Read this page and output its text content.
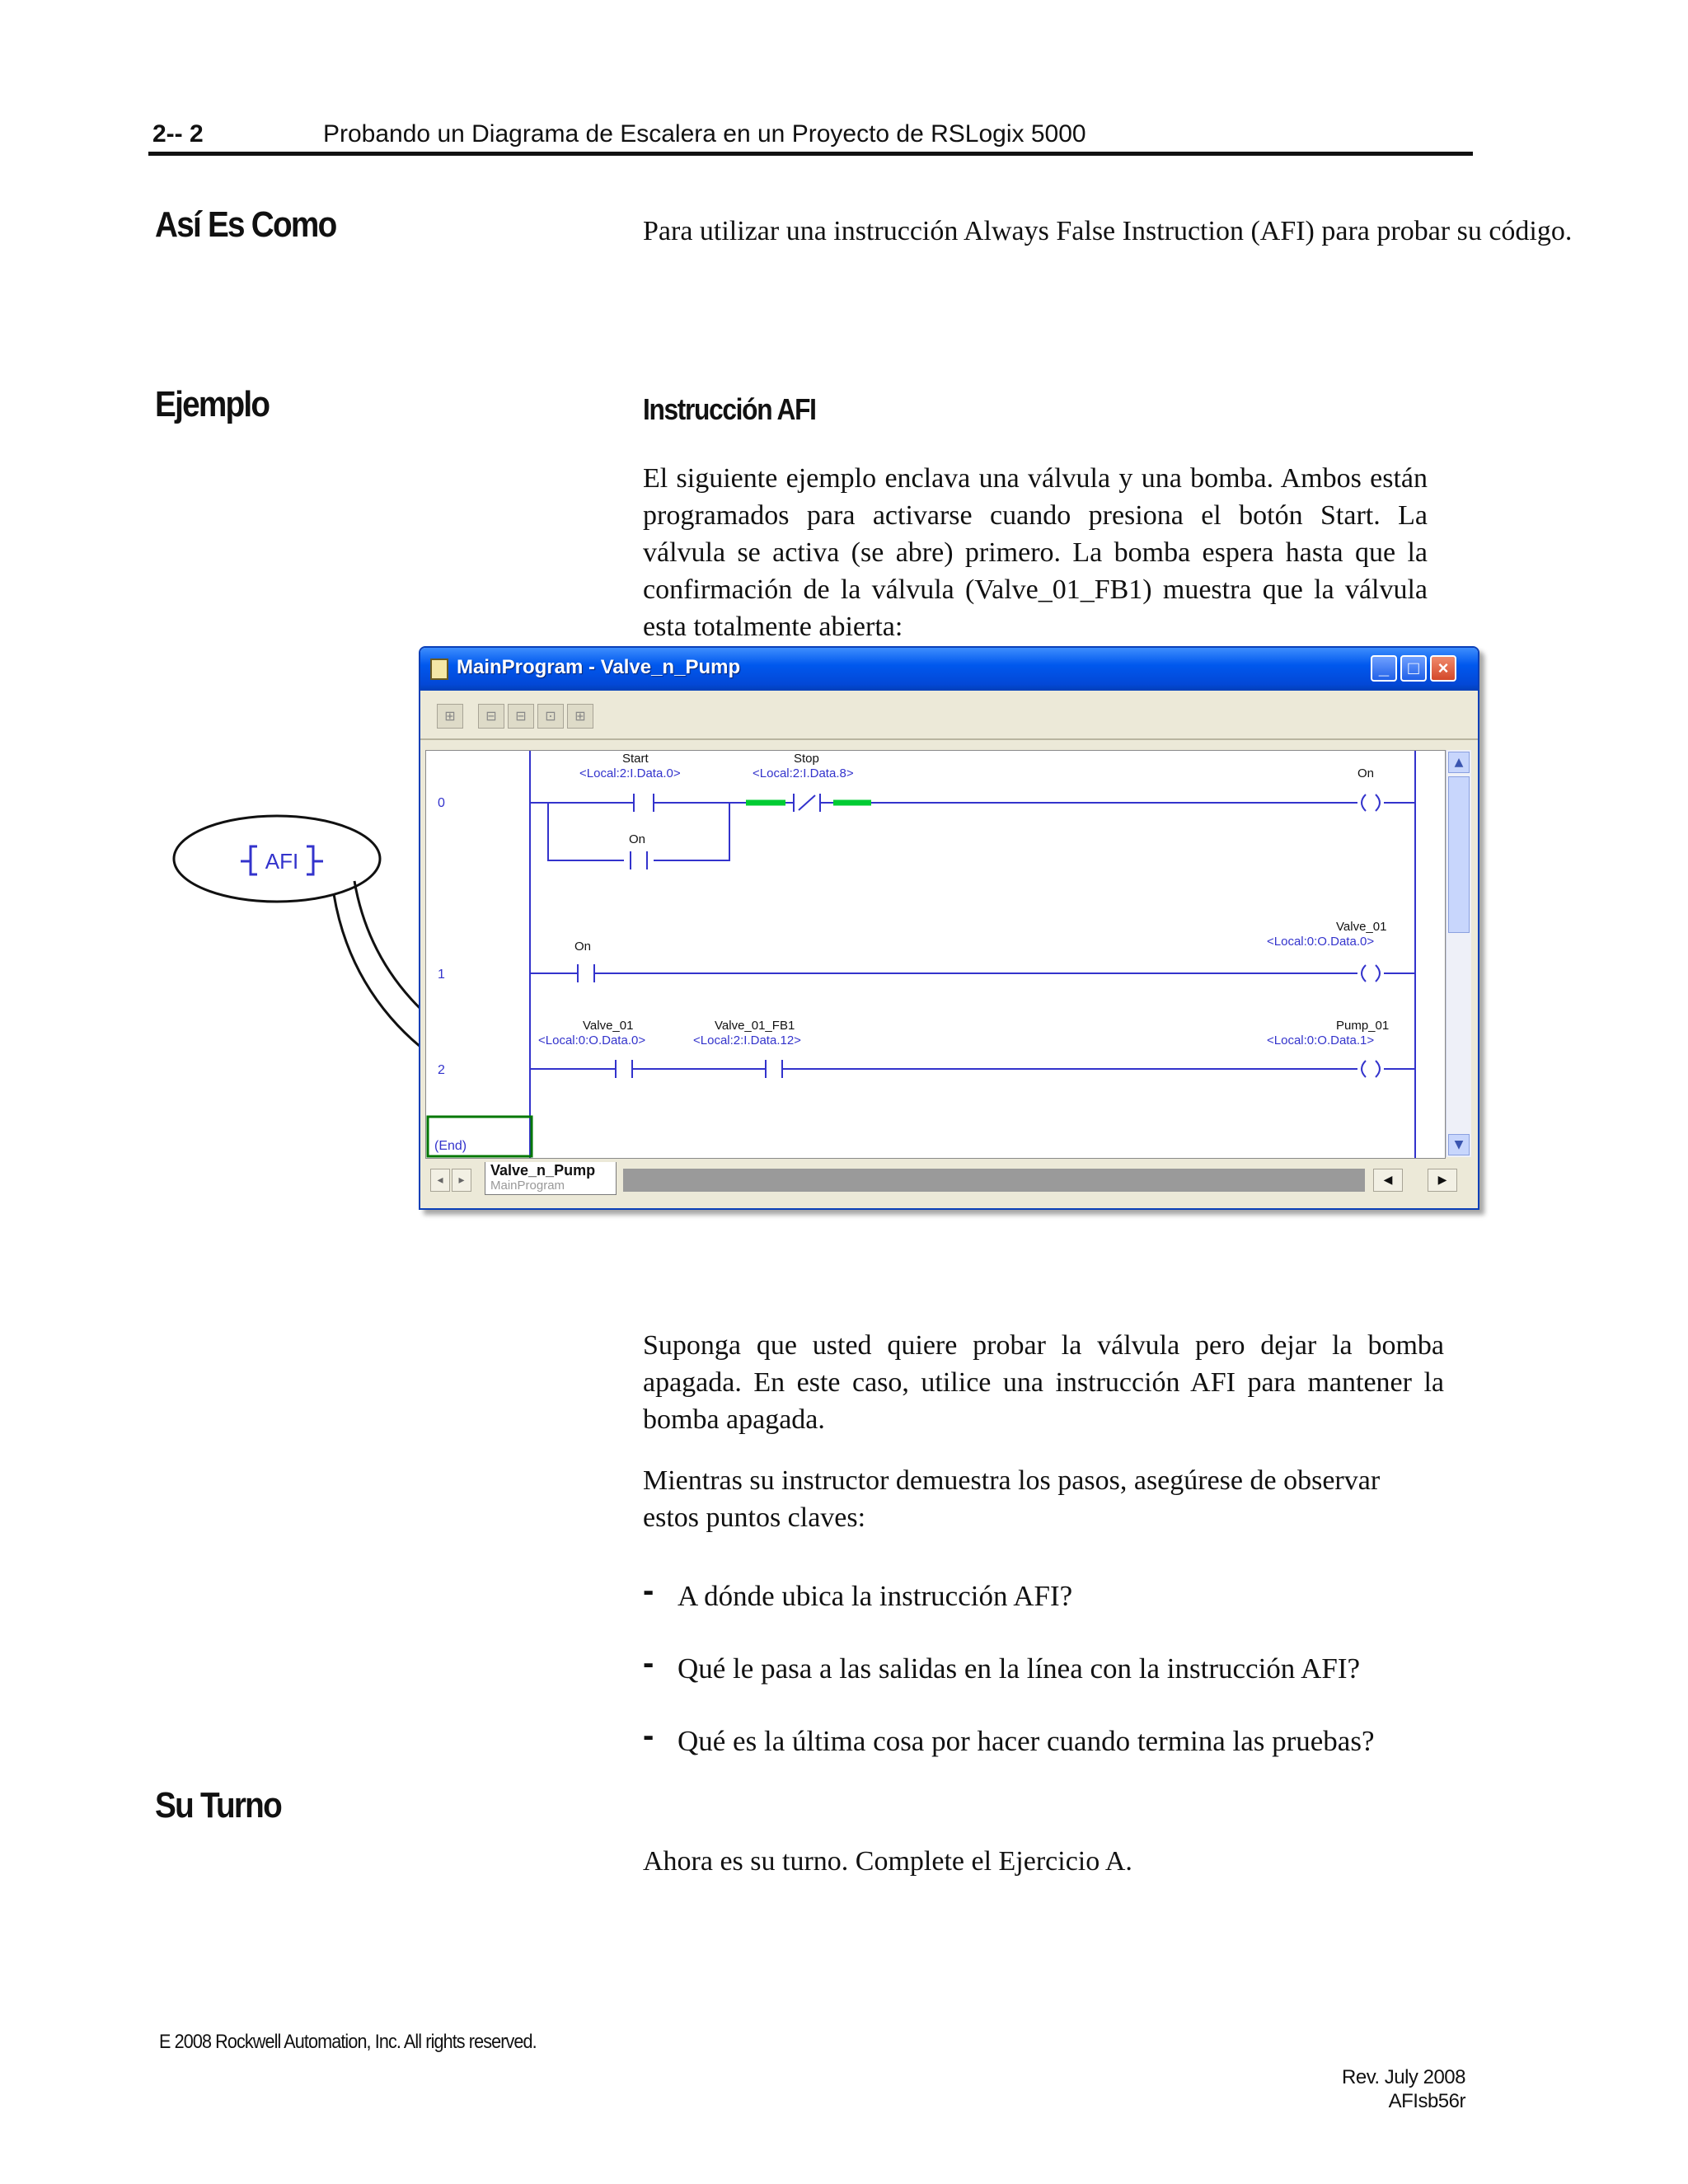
2-- 2	Probando un Diagrama de Escalera en un Proyecto de RSLogix 5000
Así Es Como	Para utilizar una instrucción Always False Instruction (AFI) para probar su código.
Ejemplo	Instrucción AFI
El siguiente ejemplo enclava una válvula y una bomba. Ambos están programados para activarse cuando presiona el botón Start. La válvula se activa (se abre) primero. La bomba espera hasta que la confirmación de la válvula (Valve_01_FB1) muestra que la válvula esta totalmente abierta:
AFI
MainProgram - Valve_n_Pump	_	□	×
⊞	⊟	⊟	⊡	⊞
0
1
2
Start
<Local:2:I.Data.0>
Stop
<Local:2:I.Data.8>	On
On
On
Valve_01
<Local:0:O.Data.0>
Valve_01
<Local:0:O.Data.0>
Valve_01_FB1
<Local:2:I.Data.12>
Pump_01
<Local:0:O.Data.1>
(End)
▲
▼
◂	▸
Valve_n_Pump
MainProgram	◀	▶
Suponga que usted quiere probar la válvula pero dejar la bomba apagada. En este caso, utilice una instrucción AFI para mantener la bomba apagada.
Mientras su instructor demuestra los pasos, asegúrese de observar estos puntos claves:
- A dónde ubica la instrucción AFI?
- Qué le pasa a las salidas en la línea con la instrucción AFI?
- Qué es la última cosa por hacer cuando termina las pruebas?
Su Turno
Ahora es su turno. Complete el Ejercicio A.
E 2008 Rockwell Automation, Inc. All rights reserved.
Rev. July 2008
AFIsb56r
